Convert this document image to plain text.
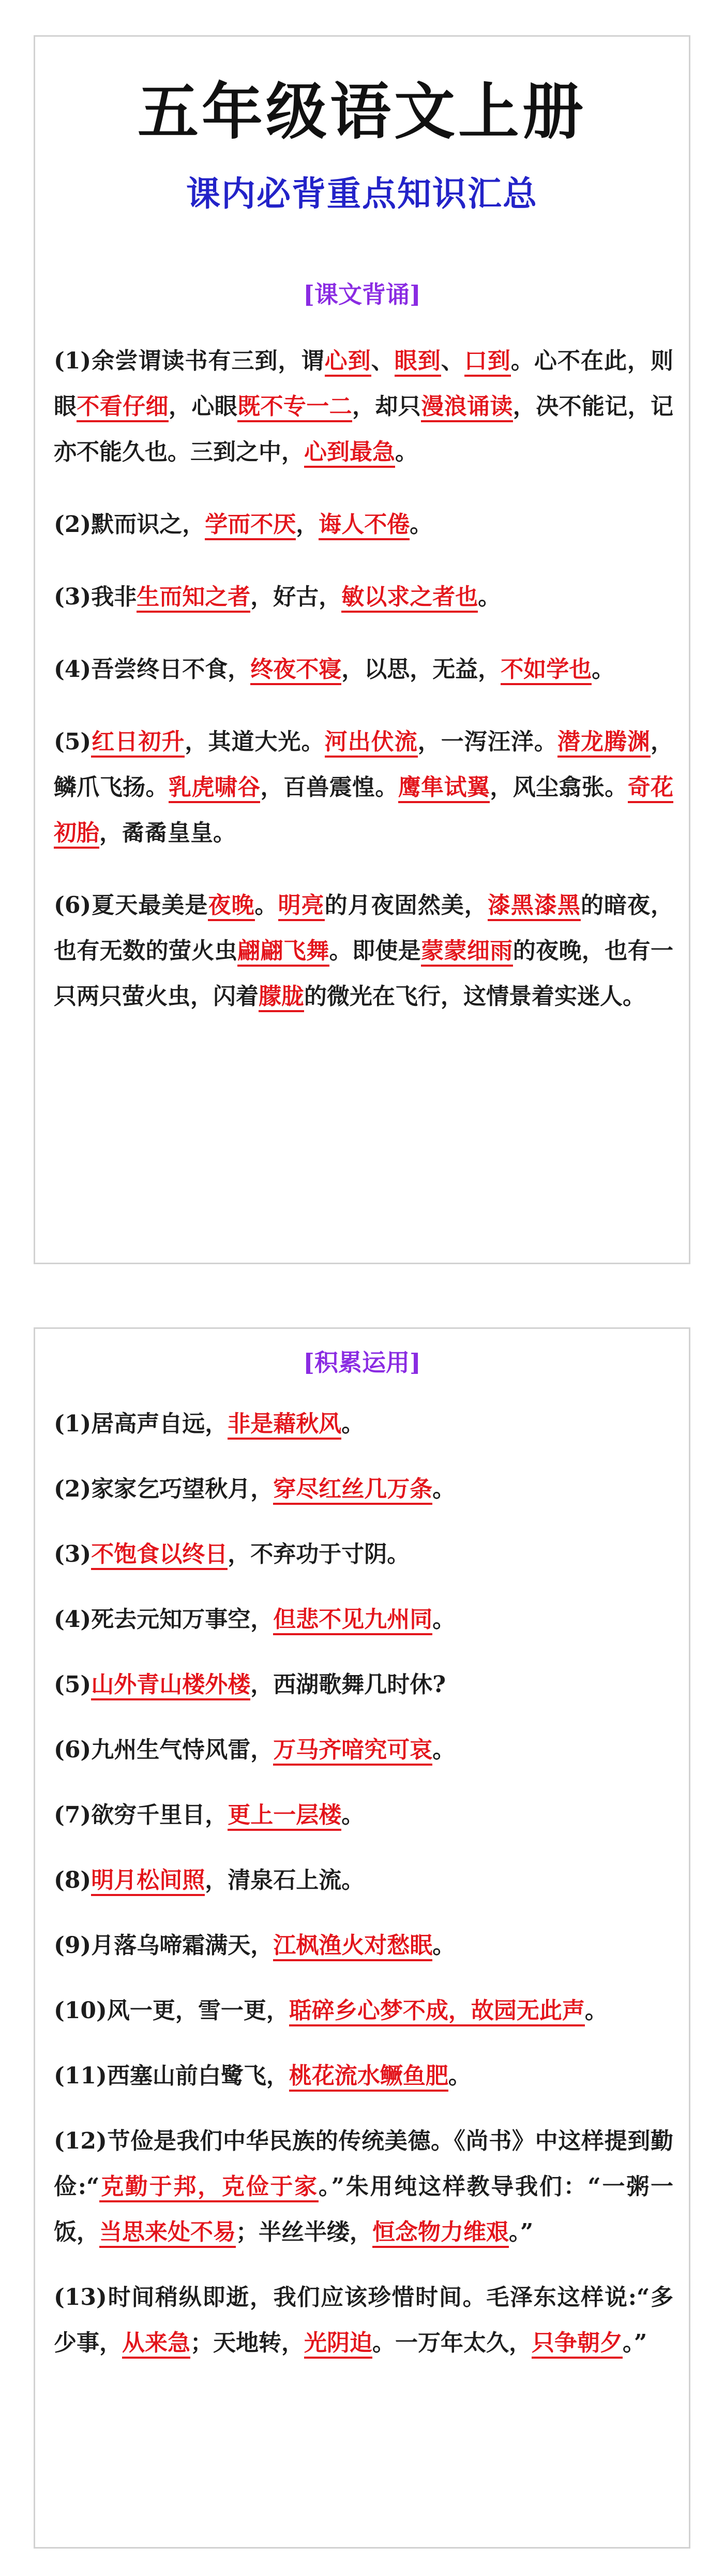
五年级语文上册
课内必背重点知识汇总
[课文背诵]
(1)余尝谓读书有三到，谓心到、眼到、口到。心不在此，则眼不看仔细，心眼既不专一二，却只漫浪诵读，决不能记，记亦不能久也。三到之中，心到最急。
(2)默而识之，学而不厌，诲人不倦。
(3)我非生而知之者，好古，敏以求之者也。
(4)吾尝终日不食，终夜不寝，以思，无益，不如学也。
(5)红日初升，其道大光。河出伏流，一泻汪洋。潜龙腾渊，鳞爪飞扬。乳虎啸谷，百兽震惶。鹰隼试翼，风尘翕张。奇花初胎，矞矞皇皇。
(6)夏天最美是夜晚。明亮的月夜固然美，漆黑漆黑的暗夜，也有无数的萤火虫翩翩飞舞。即使是蒙蒙细雨的夜晚，也有一只两只萤火虫，闪着朦胧的微光在飞行，这情景着实迷人。
[积累运用]
(1)居高声自远，非是藉秋风。
(2)家家乞巧望秋月，穿尽红丝几万条。
(3)不饱食以终日，不弃功于寸阴。
(4)死去元知万事空，但悲不见九州同。
(5)山外青山楼外楼，西湖歌舞几时休?
(6)九州生气恃风雷，万马齐喑究可哀。
(7)欲穷千里目，更上一层楼。
(8)明月松间照，清泉石上流。
(9)月落乌啼霜满天，江枫渔火对愁眠。
(10)风一更，雪一更，聒碎乡心梦不成，故园无此声。
(11)西塞山前白鹭飞，桃花流水鳜鱼肥。
(12)节俭是我们中华民族的传统美德。《尚书》中这样提到勤俭:“克勤于邦，克俭于家。”朱用纯这样教导我们：“一粥一饭，当思来处不易；半丝半缕，恒念物力维艰。”
(13)时间稍纵即逝，我们应该珍惜时间。毛泽东这样说:“多少事，从来急；天地转，光阴迫。一万年太久，只争朝夕。”
